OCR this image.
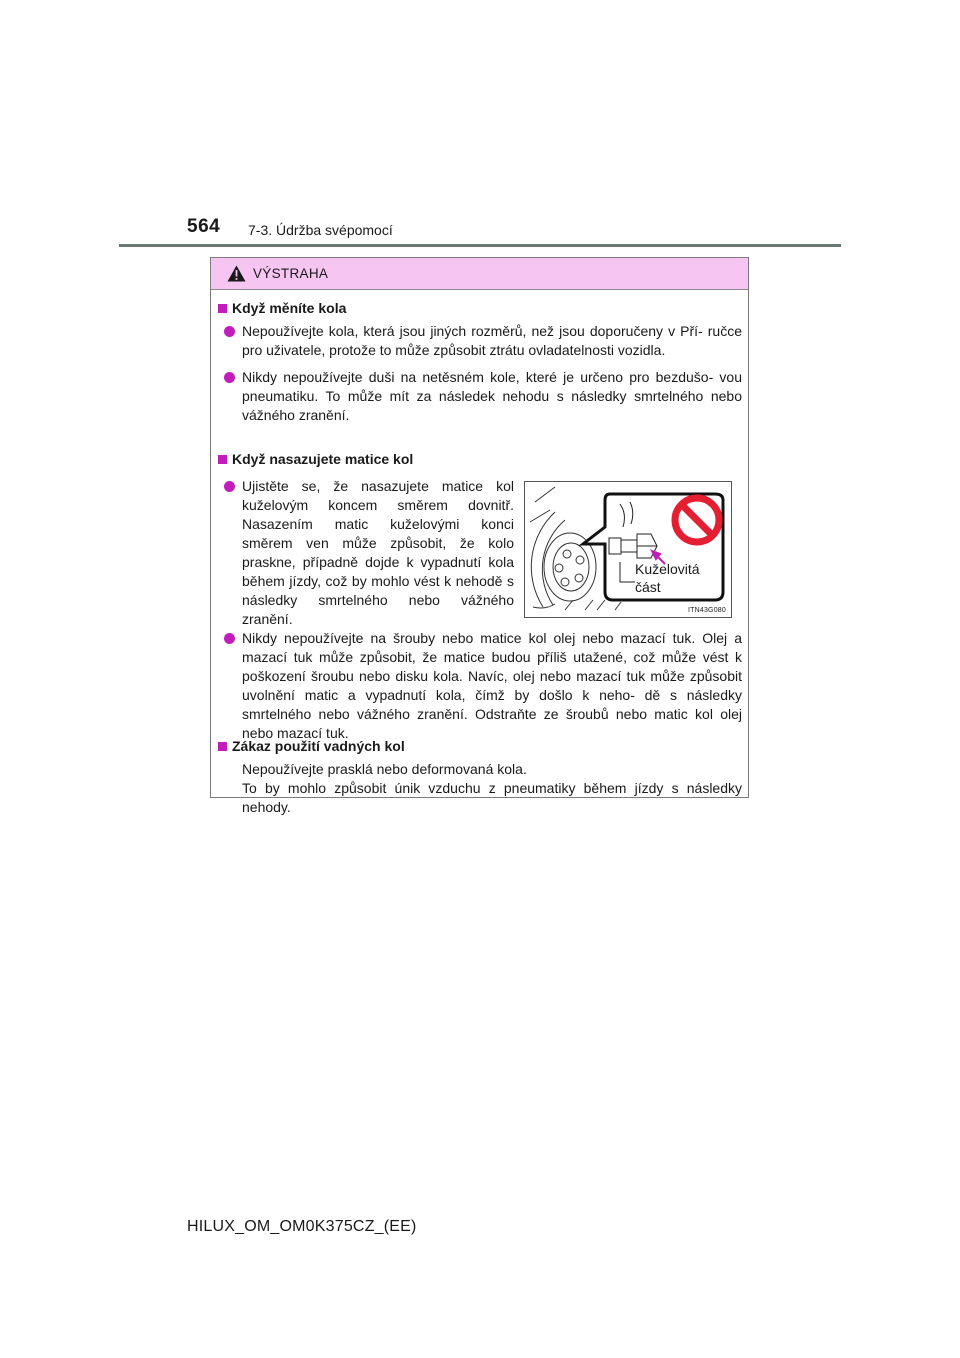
564 7-3. Údržba svépomocí
VÝSTRAHA
Když měníte kola
Nepoužívejte kola, která jsou jiných rozměrů, než jsou doporučeny v Pří- ručce pro uživatele, protože to může způsobit ztrátu ovladatelnosti vozidla.
Nikdy nepoužívejte duši na netěsném kole, které je určeno pro bezdušo- vou pneumatiku. To může mít za následek nehodu s následky smrtelného nebo vážného zranění.
Když nasazujete matice kol
Ujistěte se, že nasazujete matice kol kuželovým koncem směrem dovnitř. Nasazením matic kuželovými konci směrem ven může způsobit, že kolo praskne, případně dojde k vypadnutí kola během jízdy, což by mohlo vést k nehodě s následky smrtelného nebo vážného zranění.
Kuželovitá
část
ITN43G080
Nikdy nepoužívejte na šrouby nebo matice kol olej nebo mazací tuk. Olej a mazací tuk může způsobit, že matice budou příliš utažené, což může vést k poškození šroubu nebo disku kola. Navíc, olej nebo mazací tuk může způsobit uvolnění matic a vypadnutí kola, čímž by došlo k neho- dě s následky smrtelného nebo vážného zranění. Odstraňte ze šroubů nebo matic kol olej nebo mazací tuk.
Zákaz použití vadných kol
Nepoužívejte prasklá nebo deformovaná kola.
To by mohlo způsobit únik vzduchu z pneumatiky během jízdy s následky nehody.
HILUX_OM_OM0K375CZ_(EE)
